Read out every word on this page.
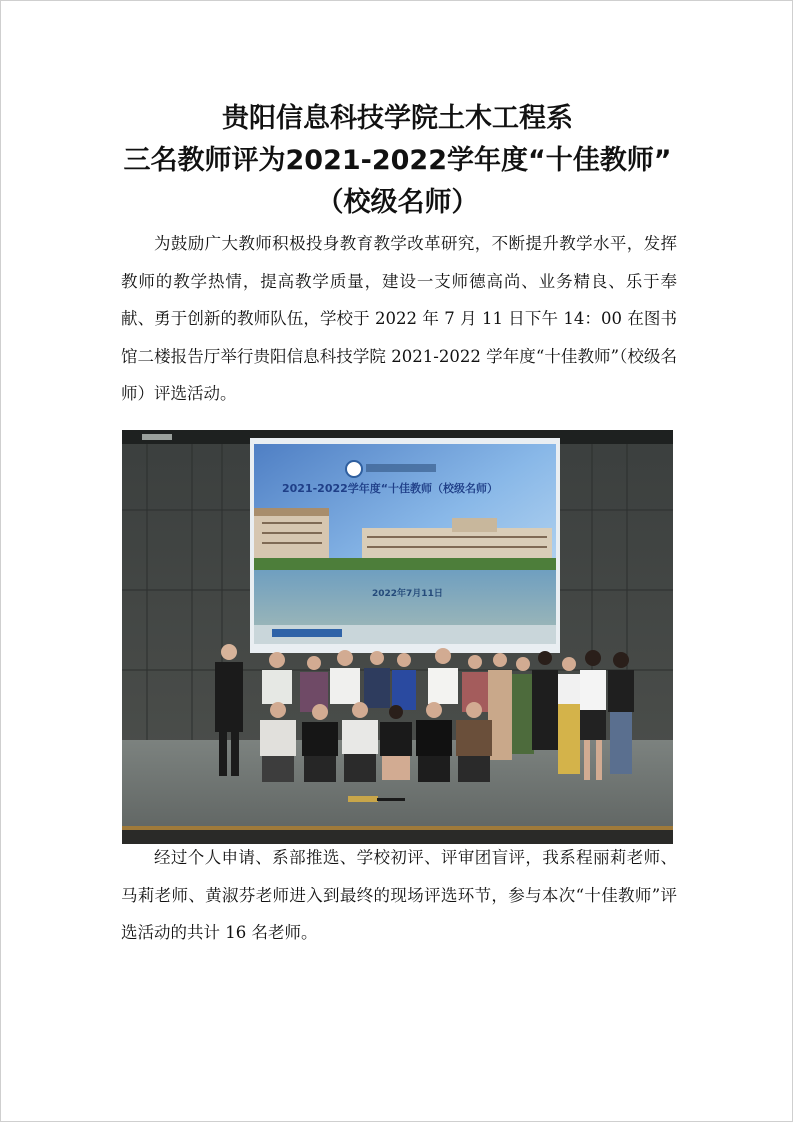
贵阳信息科技学院土木工程系
三名教师评为2021-2022学年度“十佳教师”
（校级名师）

为鼓励广大教师积极投身教育教学改革研究，不断提升教学水平，发挥教师的教学热情，提高教学质量，建设一支师德高尚、业务精良、乐于奉献、勇于创新的教师队伍，学校于 2022 年 7 月 11 日下午 14：00 在图书馆二楼报告厅举行贵阳信息科技学院 2021-2022 学年度“十佳教师”（校级名师）评选活动。

2021-2022学年度“十佳教师（校级名师）
2022年7月11日

经过个人申请、系部推选、学校初评、评审团盲评，我系程丽莉老师、马莉老师、黄淑芬老师进入到最终的现场评选环节，参与本次“十佳教师”评选活动的共计 16 名老师。
